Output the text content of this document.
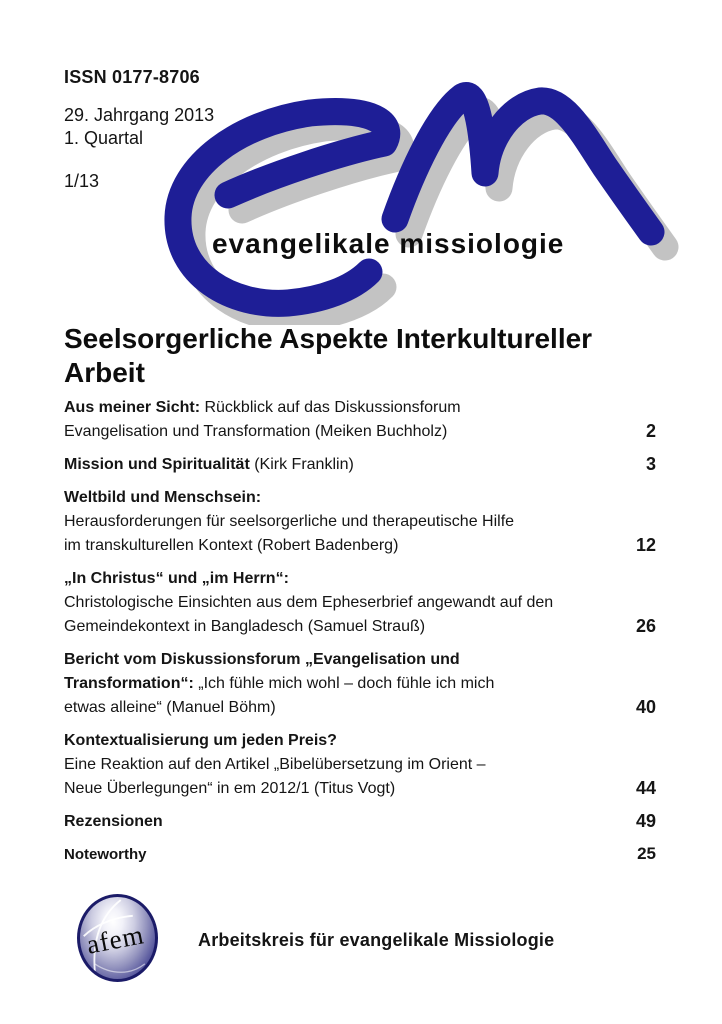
ISSN 0177-8706
29. Jahrgang 2013
1. Quartal
1/13
evangelikale missiologie
Seelsorgerliche Aspekte Interkultureller Arbeit
Aus meiner Sicht: Rückblick auf das Diskussionsforum
Evangelisation und Transformation (Meiken Buchholz)	2
Mission und Spiritualität (Kirk Franklin)	3
Weltbild und Menschsein:
Herausforderungen für seelsorgerliche und therapeutische Hilfe
im transkulturellen Kontext (Robert Badenberg)	12
„In Christus“ und „im Herrn“:
Christologische Einsichten aus dem Epheserbrief angewandt auf den
Gemeindekontext in Bangladesch (Samuel Strauß)	26
Bericht vom Diskussionsforum „Evangelisation und
Transformation“: „Ich fühle mich wohl – doch fühle ich mich
etwas alleine“ (Manuel Böhm)	40
Kontextualisierung um jeden Preis?
Eine Reaktion auf den Artikel „Bibelübersetzung im Orient –
Neue Überlegungen“ in em 2012/1 (Titus Vogt)	44
Rezensionen	49
Noteworthy	25
afem	Arbeitskreis für evangelikale Missiologie
